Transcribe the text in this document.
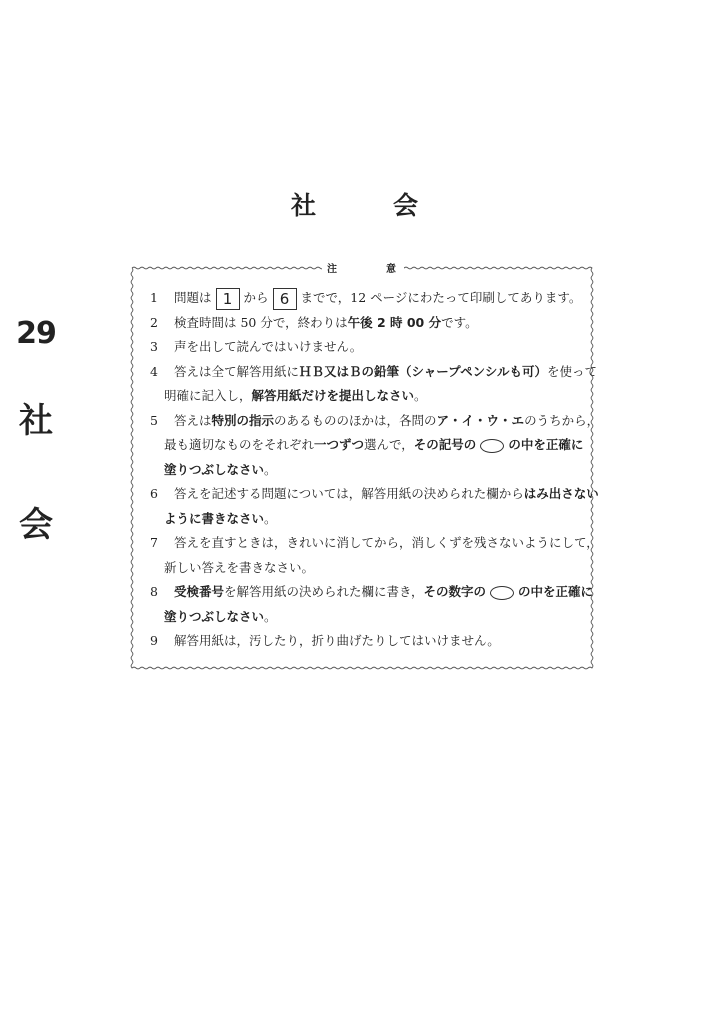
29
社
会
社	会
注	意
1	問題は 1 から 6 までで，12 ページにわたって印刷してあります。
2	検査時間は 50 分で，終わりは午後 2 時 00 分です。
3	声を出して読んではいけません。
4	答えは全て解答用紙にＨＢ又はＢの鉛筆（シャープペンシルも可）を使って
明確に記入し，解答用紙だけを提出しなさい。
5	答えは特別の指示のあるもののほかは，各問のア・イ・ウ・エのうちから，
最も適切なものをそれぞれ一つずつ選んで，その記号の	の中を正確に
塗りつぶしなさい。
6	答えを記述する問題については，解答用紙の決められた欄からはみ出さない
ように書きなさい。
7	答えを直すときは，きれいに消してから，消しくずを残さないようにして，
新しい答えを書きなさい。
8	受検番号を解答用紙の決められた欄に書き，その数字の	の中を正確に
塗りつぶしなさい。
9	解答用紙は，汚したり，折り曲げたりしてはいけません。
